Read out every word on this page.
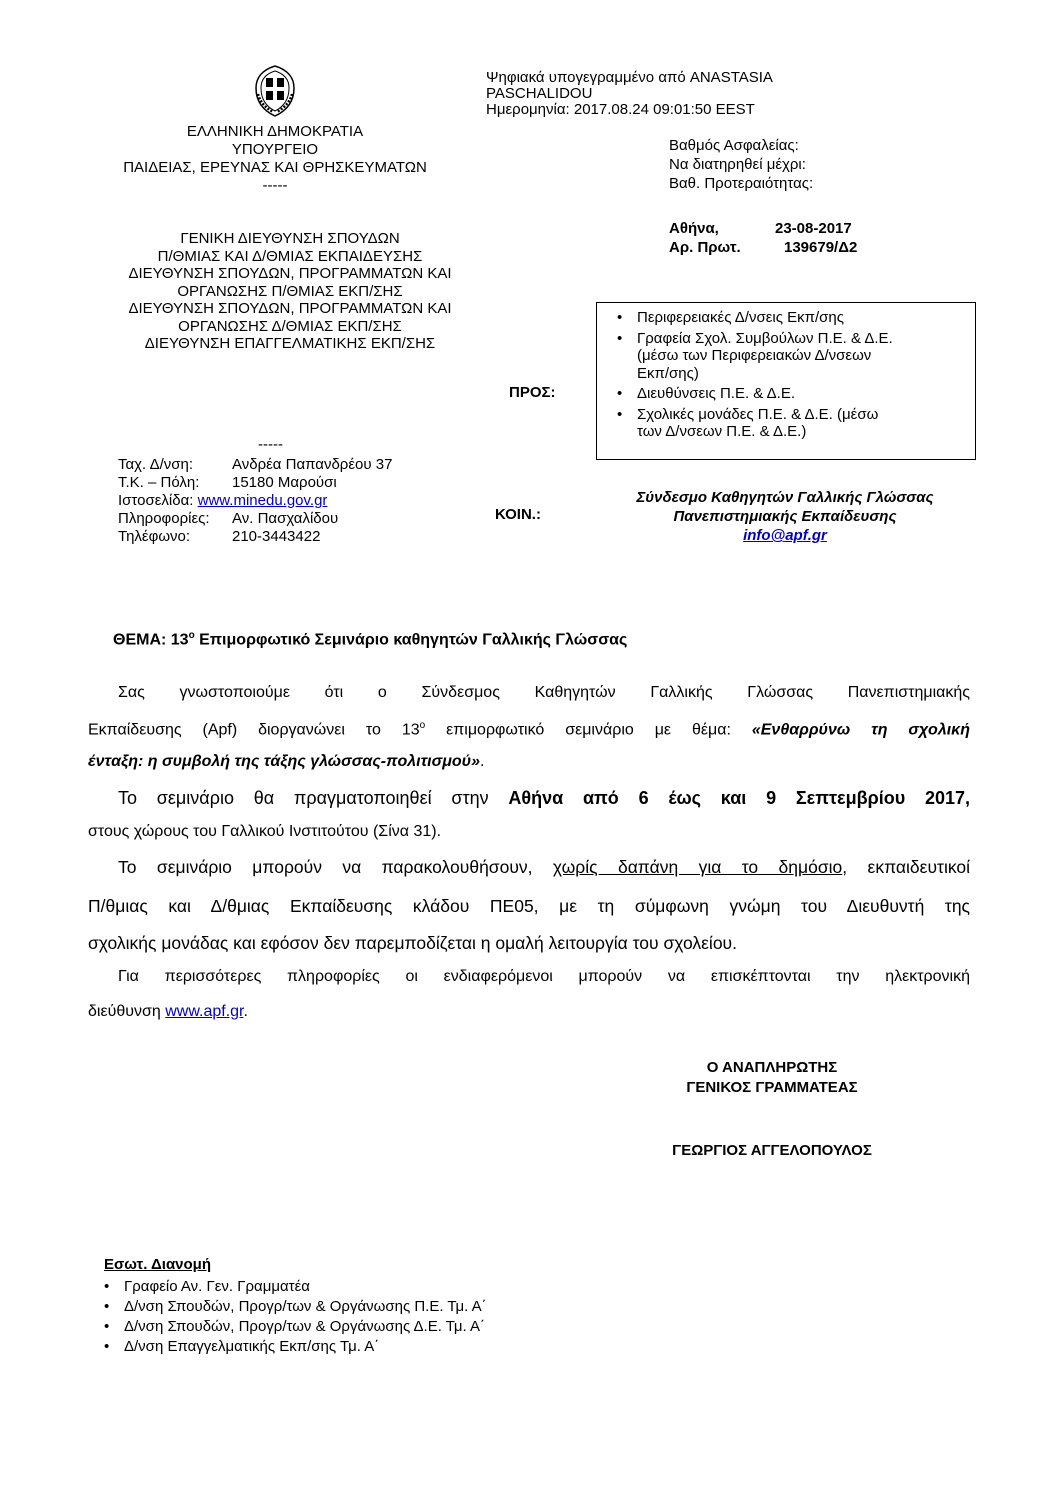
ΕΛΛΗΝΙΚΗ ΔΗΜΟΚΡΑΤΙΑ
ΥΠΟΥΡΓΕΙΟ
ΠΑΙΔΕΙΑΣ, ΕΡΕΥΝΑΣ ΚΑΙ ΘΡΗΣΚΕΥΜΑΤΩΝ
-----
ΓΕΝΙΚΗ ΔΙΕΥΘΥΝΣΗ ΣΠΟΥΔΩΝ
Π/ΘΜΙΑΣ ΚΑΙ Δ/ΘΜΙΑΣ ΕΚΠΑΙΔΕΥΣΗΣ
ΔΙΕΥΘΥΝΣΗ ΣΠΟΥΔΩΝ, ΠΡΟΓΡΑΜΜΑΤΩΝ ΚΑΙ
ΟΡΓΑΝΩΣΗΣ Π/ΘΜΙΑΣ ΕΚΠ/ΣΗΣ
ΔΙΕΥΘΥΝΣΗ ΣΠΟΥΔΩΝ, ΠΡΟΓΡΑΜΜΑΤΩΝ ΚΑΙ
ΟΡΓΑΝΩΣΗΣ Δ/ΘΜΙΑΣ ΕΚΠ/ΣΗΣ
ΔΙΕΥΘΥΝΣΗ ΕΠΑΓΓΕΛΜΑΤΙΚΗΣ ΕΚΠ/ΣΗΣ
Ψηφιακά υπογεγραμμένο από ANASTASIA
PASCHALIDOU
Ημερομηνία: 2017.08.24 09:01:50 EEST
Βαθμός Ασφαλείας:
Να διατηρηθεί μέχρι:
Βαθ. Προτεραιότητας:
Αθήνα,	23-08-2017
Αρ. Πρωτ.	139679/Δ2
ΠΡΟΣ:
• Περιφερειακές Δ/νσεις Εκπ/σης
• Γραφεία Σχολ. Συμβούλων Π.Ε. & Δ.Ε.
(μέσω των Περιφερειακών Δ/νσεων
Εκπ/σης)
• Διευθύνσεις Π.Ε. & Δ.Ε.
• Σχολικές μονάδες Π.Ε. & Δ.Ε. (μέσω
των Δ/νσεων Π.Ε. & Δ.Ε.)
-----
Ταχ. Δ/νση:	Ανδρέα Παπανδρέου 37
Τ.Κ. – Πόλη: 15180 Μαρούσι
Ιστοσελίδα: www.minedu.gov.gr
Πληροφορίες: Αν. Πασχαλίδου
Τηλέφωνο:	210-3443422
ΚΟΙΝ.:
Σύνδεσμο Καθηγητών Γαλλικής Γλώσσας
Πανεπιστημιακής Εκπαίδευσης
info@apf.gr
ΘΕΜΑ: $13^o$ Επιμορφωτικό Σεμινάριο καθηγητών Γαλλικής Γλώσσας
Σας γνωστοποιούμε ότι ο Σύνδεσμος Καθηγητών Γαλλικής Γλώσσας Πανεπιστημιακής
Εκπαίδευσης (Apf) διοργανώνει το $13^o$ επιμορφωτικό σεμινάριο με θέμα: «Ενθαρρύνω τη σχολική
ένταξη: η συμβολή της τάξης γλώσσας-πολιτισμού».
Το σεμινάριο θα πραγματοποιηθεί στην Αθήνα από 6 έως και 9 Σεπτεμβρίου 2017,
στους χώρους του Γαλλικού Ινστιτούτου (Σίνα 31).
Το σεμινάριο μπορούν να παρακολουθήσουν, χωρίς δαπάνη για το δημόσιο, εκπαιδευτικοί
Π/θμιας και Δ/θμιας Εκπαίδευσης κλάδου ΠΕ05, με τη σύμφωνη γνώμη του Διευθυντή της
σχολικής μονάδας και εφόσον δεν παρεμποδίζεται η ομαλή λειτουργία του σχολείου.
Για περισσότερες πληροφορίες οι ενδιαφερόμενοι μπορούν να επισκέπτονται την ηλεκτρονική
διεύθυνση www.apf.gr.
Ο ΑΝΑΠΛΗΡΩΤΗΣ
ΓΕΝΙΚΟΣ ΓΡΑΜΜΑΤΕΑΣ
ΓΕΩΡΓΙΟΣ ΑΓΓΕΛΟΠΟΥΛΟΣ
Εσωτ. Διανομή
• Γραφείο Αν. Γεν. Γραμματέα
• Δ/νση Σπουδών, Προγρ/των & Οργάνωσης Π.Ε. Τμ. Α΄
• Δ/νση Σπουδών, Προγρ/των & Οργάνωσης Δ.Ε. Τμ. Α΄
• Δ/νση Επαγγελματικής Εκπ/σης Τμ. Α΄
